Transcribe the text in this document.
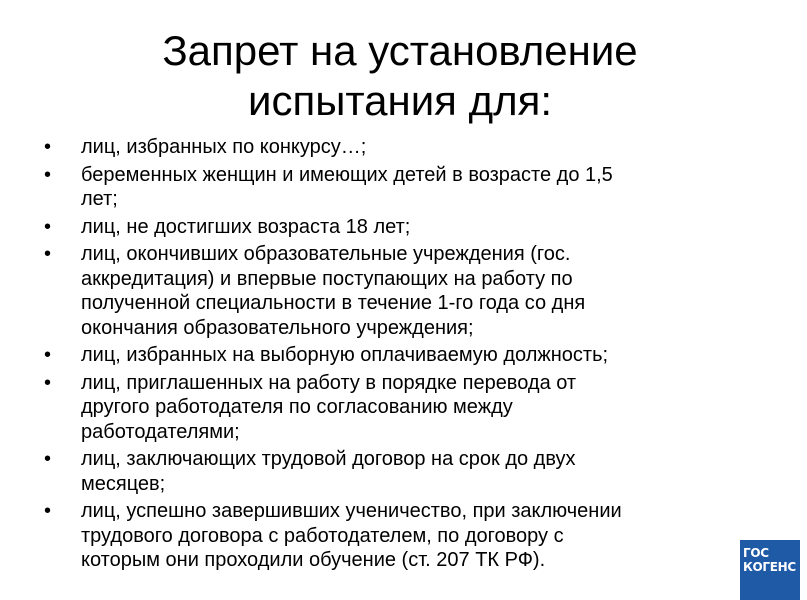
Запрет на установление
испытания для:
• лиц, избранных по конкурсу…;
• беременных женщин и имеющих детей в возрасте до 1,5
лет;
• лиц, не достигших возраста 18 лет;
• лиц, окончивших образовательные учреждения (гос.
аккредитация) и впервые поступающих на работу по
полученной специальности в течение 1-го года со дня
окончания образовательного учреждения;
• лиц, избранных на выборную оплачиваемую должность;
• лиц, приглашенных на работу в порядке перевода от
другого работодателя по согласованию между
работодателями;
• лиц, заключающих трудовой договор на срок до двух
месяцев;
• лиц, успешно завершивших ученичество, при заключении
трудового договора с работодателем, по договору с
которым они проходили обучение (ст. 207 ТК РФ).	ГОС
КОГЕНС Г
